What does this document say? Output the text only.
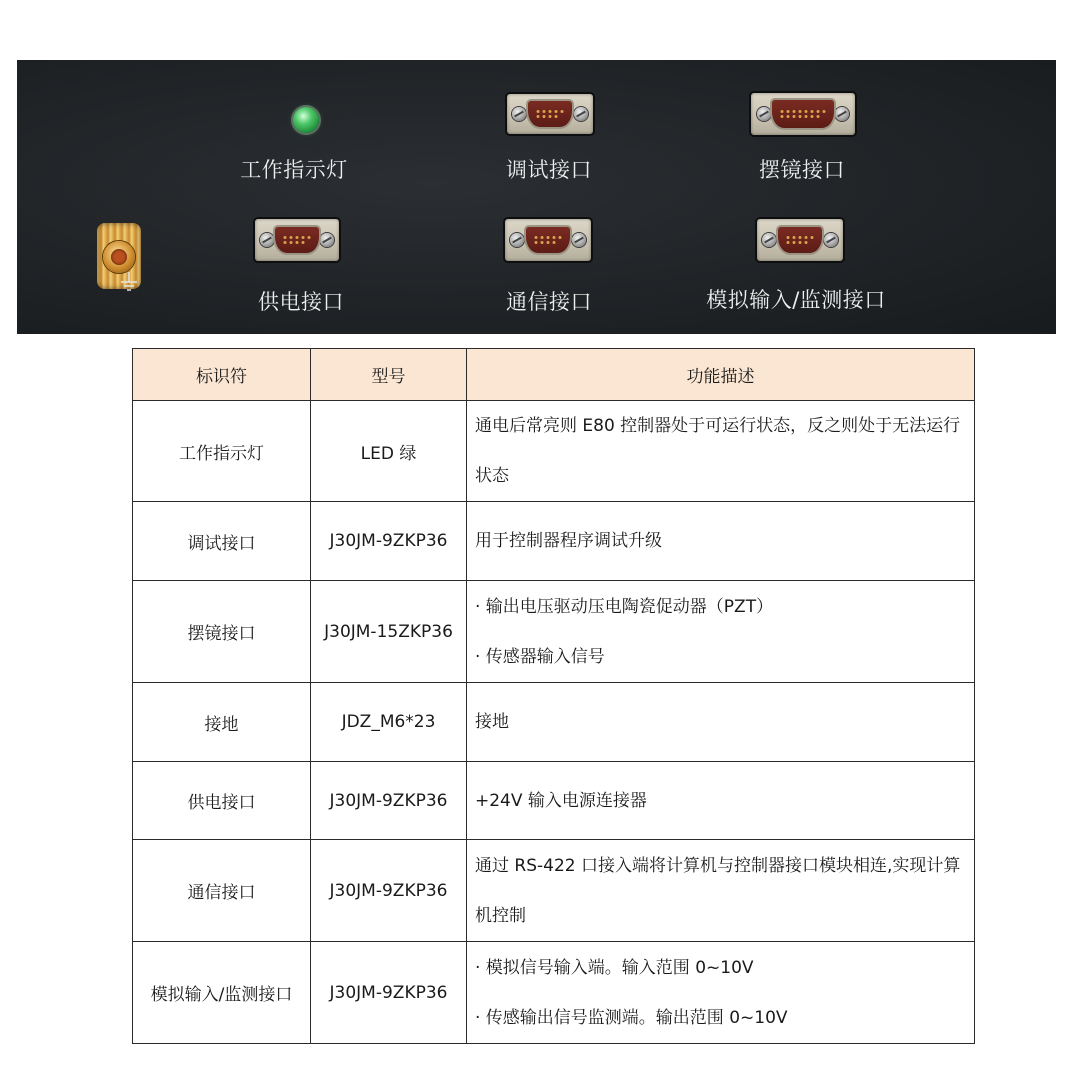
工作指示灯	调试接口	摆镜接口
供电接口	通信接口	模拟输入/监测接口
标识符	型号	功能描述
工作指示灯	LED 绿	通电后常亮则 E80 控制器处于可运行状态，反之则处于无法运行状态
调试接口	J30JM-9ZKP36	用于控制器程序调试升级
摆镜接口	J30JM-15ZKP36	· 输出电压驱动压电陶瓷促动器（PZT）
· 传感器输入信号

接地	JDZ_M6*23	接地
供电接口	J30JM-9ZKP36	+24V 输入电源连接器
通信接口	J30JM-9ZKP36	通过 RS-422 口接入端将计算机与控制器接口模块相连,实现计算机控制
模拟输入/监测接口	J30JM-9ZKP36	· 模拟信号输入端。输入范围 0~10V
· 传感输出信号监测端。输出范围 0~10V
